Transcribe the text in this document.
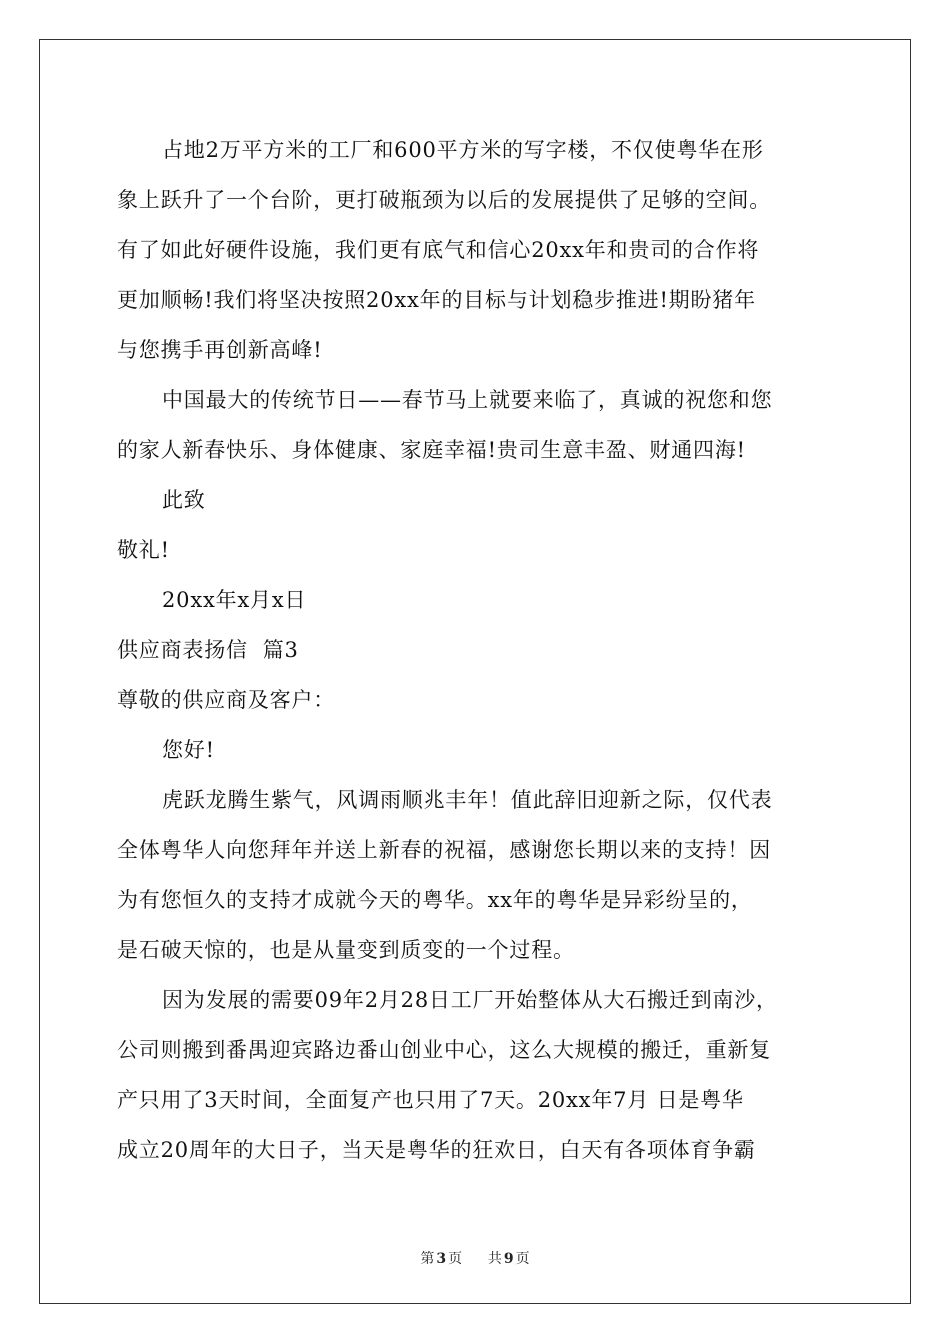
占地2万平方米的工厂和600平方米的写字楼，不仅使粤华在形
象上跃升了一个台阶，更打破瓶颈为以后的发展提供了足够的空间。
有了如此好硬件设施，我们更有底气和信心20xx年和贵司的合作将
更加顺畅!我们将坚决按照20xx年的目标与计划稳步推进!期盼猪年
与您携手再创新高峰!
中国最大的传统节日——春节马上就要来临了，真诚的祝您和您
的家人新春快乐、身体健康、家庭幸福!贵司生意丰盈、财通四海!
此致
敬礼!
20xx年x月x日
供应商表扬信  篇3
尊敬的供应商及客户：
您好!
虎跃龙腾生紫气，风调雨顺兆丰年！值此辞旧迎新之际，仅代表
全体粤华人向您拜年并送上新春的祝福，感谢您长期以来的支持！因
为有您恒久的支持才成就今天的粤华。xx年的粤华是异彩纷呈的，
是石破天惊的，也是从量变到质变的一个过程。
因为发展的需要09年2月28日工厂开始整体从大石搬迁到南沙，
公司则搬到番禺迎宾路边番山创业中心，这么大规模的搬迁，重新复
产只用了3天时间，全面复产也只用了7天。20xx年7月 日是粤华
成立20周年的大日子，当天是粤华的狂欢日，白天有各项体育争霸
第 3 页 共 9 页
